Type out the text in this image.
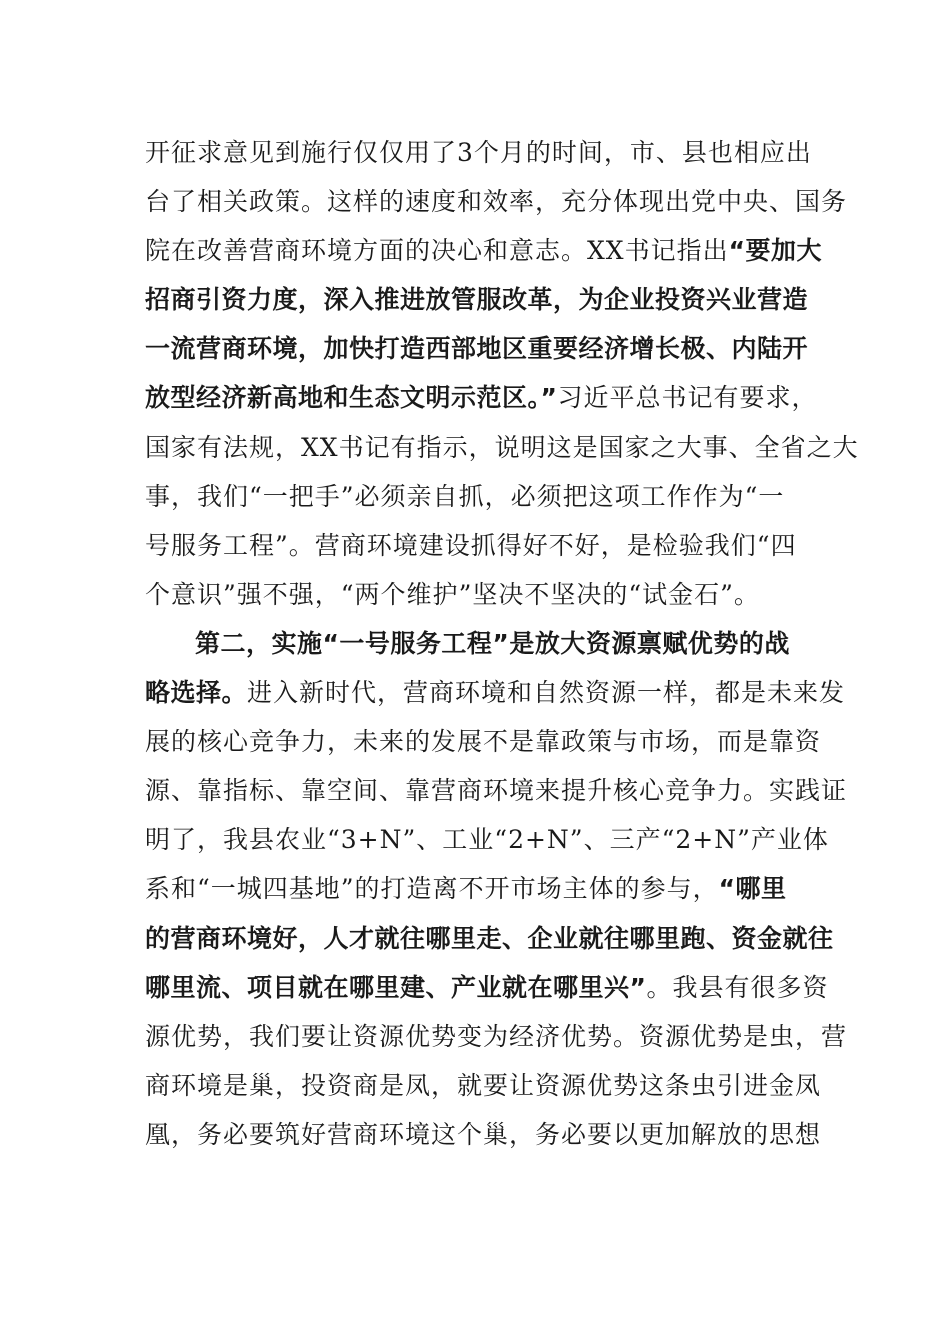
开征求意见到施行仅仅用了3个月的时间，市、县也相应出
台了相关政策。这样的速度和效率，充分体现出党中央、国务
院在改善营商环境方面的决心和意志。XX书记指出“要加大
招商引资力度，深入推进放管服改革，为企业投资兴业营造
一流营商环境，加快打造西部地区重要经济增长极、内陆开
放型经济新高地和生态文明示范区。”习近平总书记有要求，
国家有法规，XX书记有指示，说明这是国家之大事、全省之大
事，我们“一把手”必须亲自抓，必须把这项工作作为“一
号服务工程”。营商环境建设抓得好不好，是检验我们“四
个意识”强不强，“两个维护”坚决不坚决的“试金石”。
第二，实施“一号服务工程”是放大资源禀赋优势的战
略选择。进入新时代，营商环境和自然资源一样，都是未来发
展的核心竞争力，未来的发展不是靠政策与市场，而是靠资
源、靠指标、靠空间、靠营商环境来提升核心竞争力。实践证
明了，我县农业“3+N”、工业“2+N”、三产“2+N”产业体
系和“一城四基地”的打造离不开市场主体的参与，“哪里
的营商环境好，人才就往哪里走、企业就往哪里跑、资金就往
哪里流、项目就在哪里建、产业就在哪里兴”。我县有很多资
源优势，我们要让资源优势变为经济优势。资源优势是虫，营
商环境是巢，投资商是凤，就要让资源优势这条虫引进金凤
凰，务必要筑好营商环境这个巢，务必要以更加解放的思想
